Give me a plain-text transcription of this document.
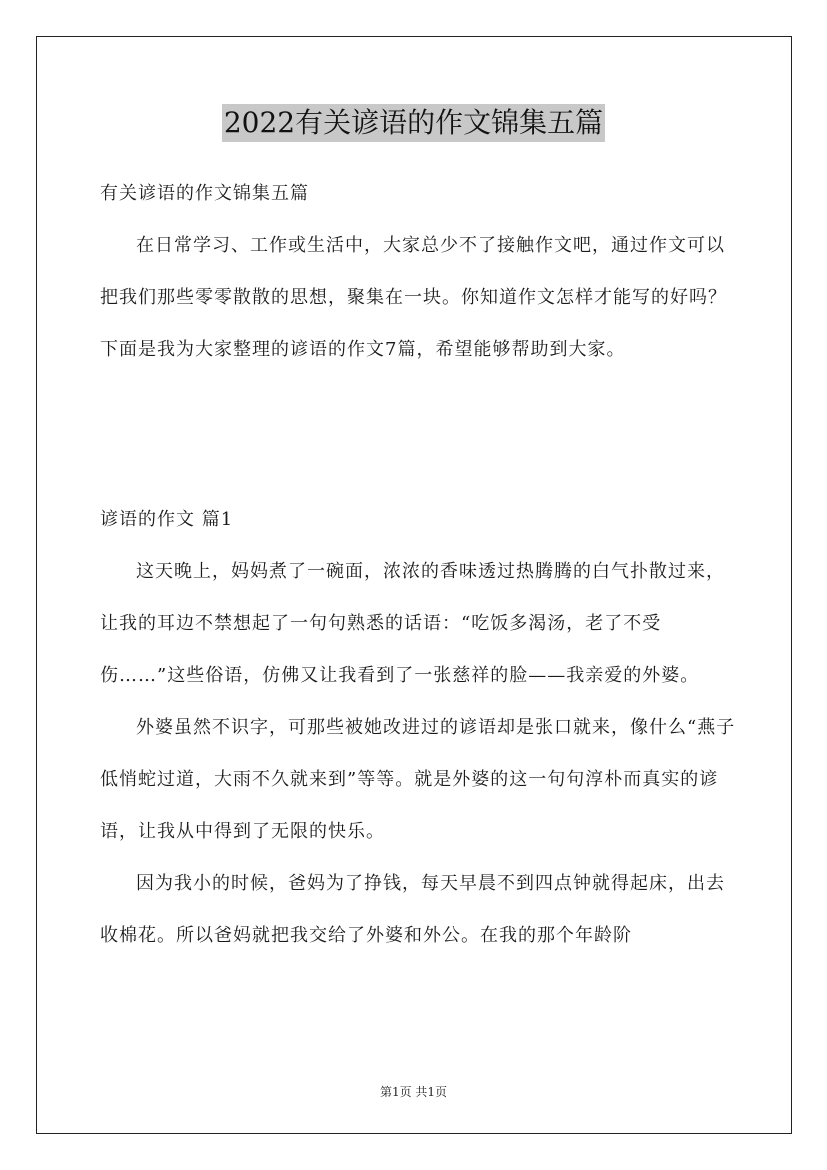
2022有关谚语的作文锦集五篇

有关谚语的作文锦集五篇

在日常学习、工作或生活中，大家总少不了接触作文吧，通过作文可以把我们那些零零散散的思想，聚集在一块。你知道作文怎样才能写的好吗？下面是我为大家整理的谚语的作文7篇，希望能够帮助到大家。

谚语的作文 篇1

这天晚上，妈妈煮了一碗面，浓浓的香味透过热腾腾的白气扑散过来，让我的耳边不禁想起了一句句熟悉的话语：“吃饭多渴汤，老了不受伤……”这些俗语，仿佛又让我看到了一张慈祥的脸——我亲爱的外婆。

外婆虽然不识字，可那些被她改进过的谚语却是张口就来，像什么“燕子低悄蛇过道，大雨不久就来到”等等。就是外婆的这一句句淳朴而真实的谚语，让我从中得到了无限的快乐。

因为我小的时候，爸妈为了挣钱，每天早晨不到四点钟就得起床，出去收棉花。所以爸妈就把我交给了外婆和外公。在我的那个年龄阶

第1页 共1页
